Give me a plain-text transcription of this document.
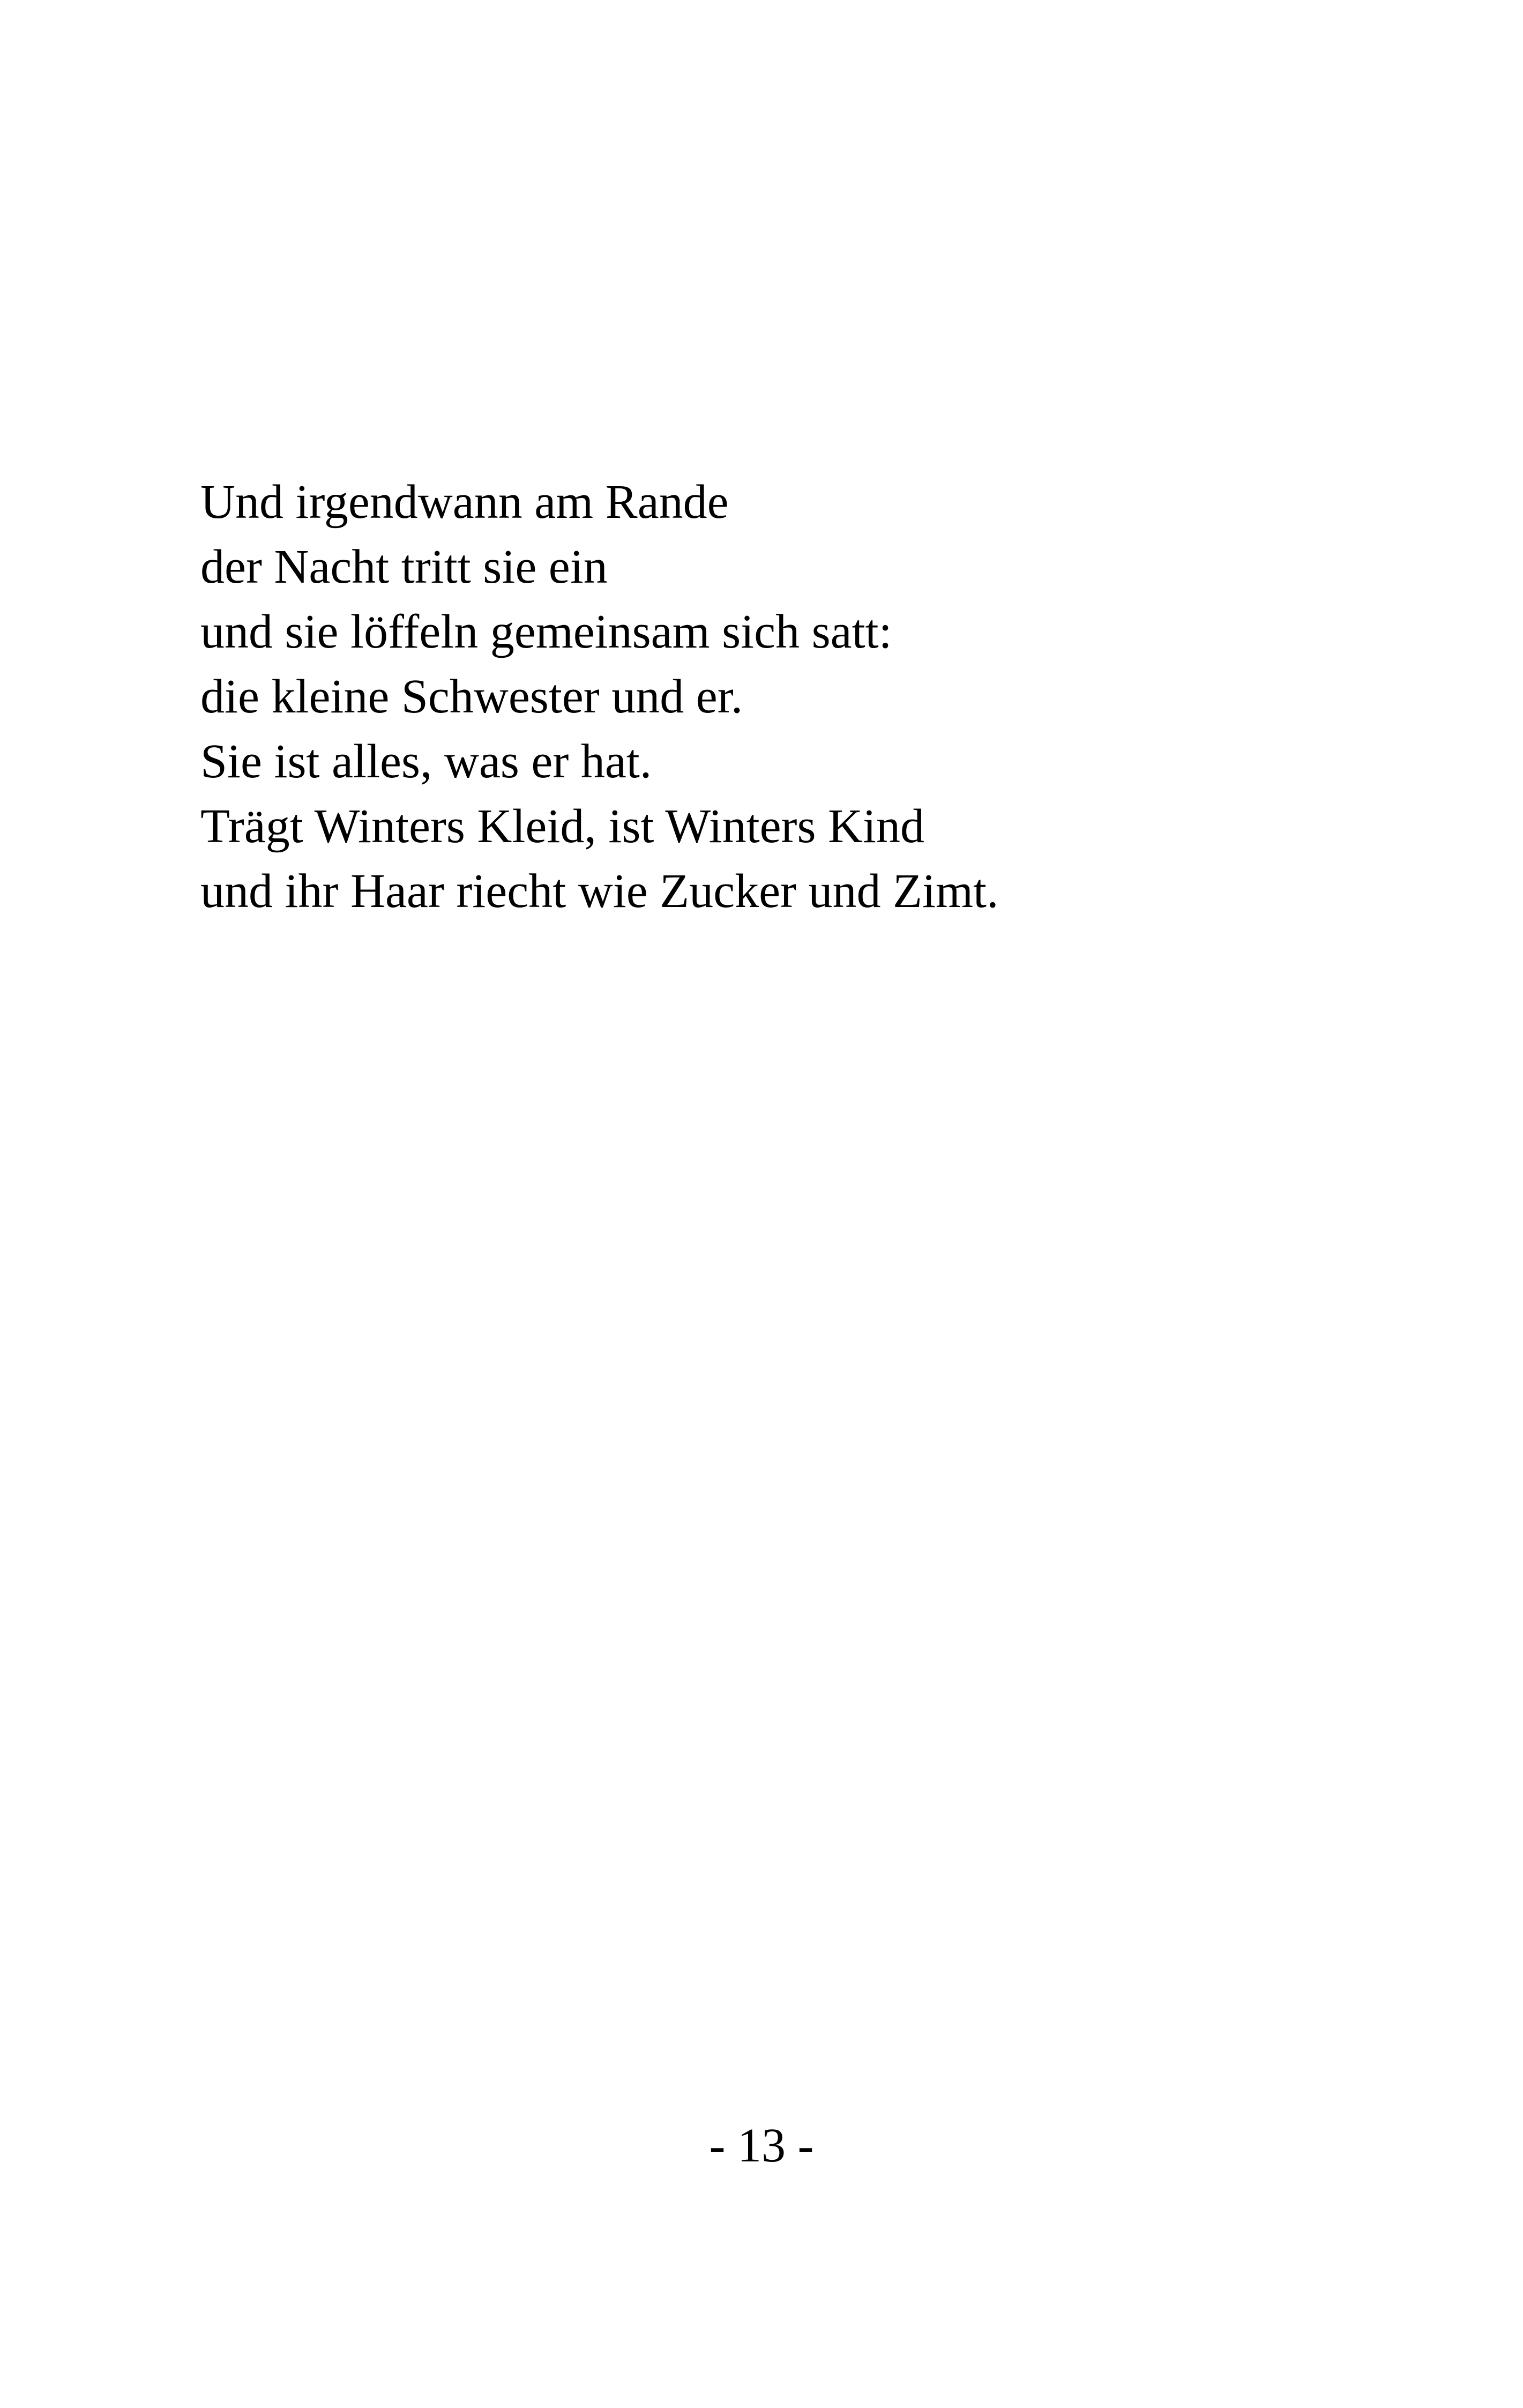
Und irgendwann am Rande
der Nacht tritt sie ein
und sie löffeln gemeinsam sich satt:
die kleine Schwester und er.
Sie ist alles, was er hat.
Trägt Winters Kleid, ist Winters Kind
und ihr Haar riecht wie Zucker und Zimt.
- 13 -
